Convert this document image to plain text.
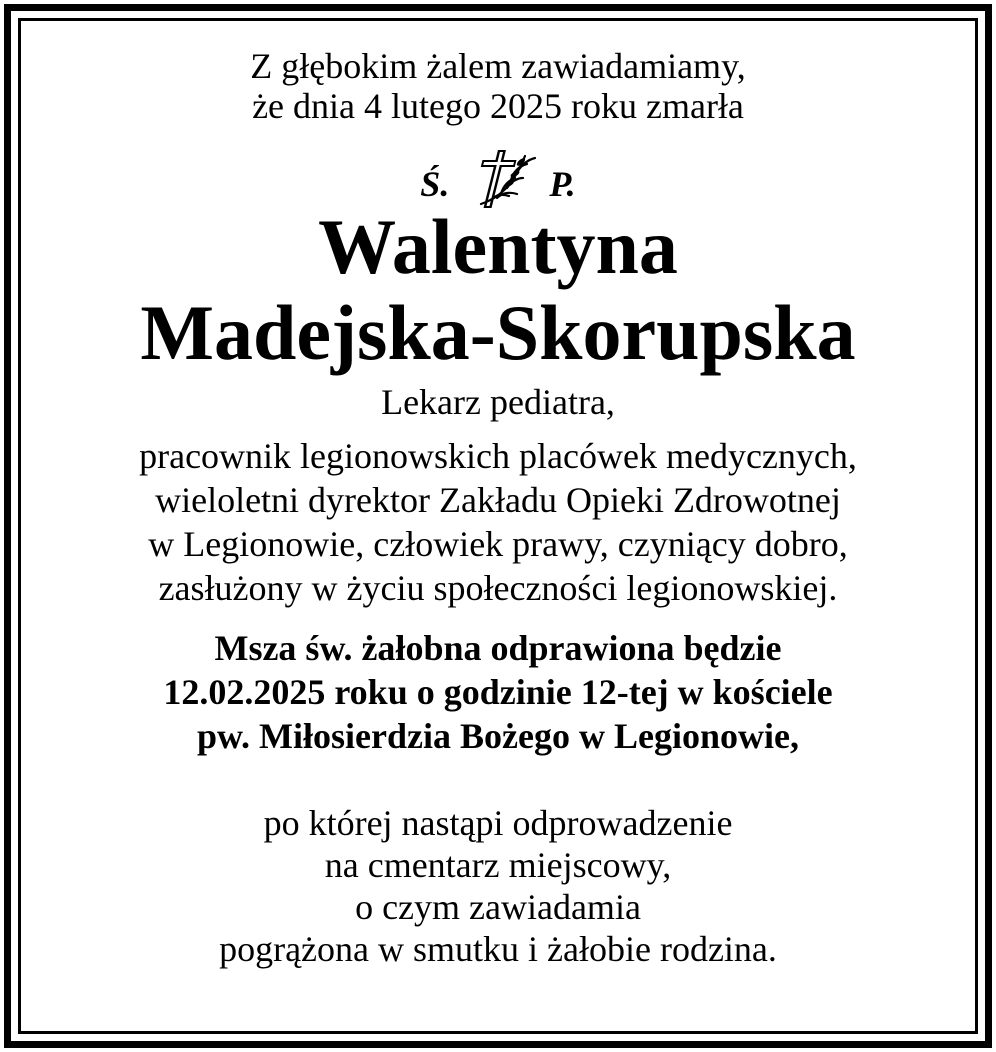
Z głębokim żalem zawiadamiamy,
że dnia 4 lutego 2025 roku zmarła
Ś.	P.
Walentyna
Madejska-Skorupska
Lekarz pediatra,
pracownik legionowskich placówek medycznych,
wieloletni dyrektor Zakładu Opieki Zdrowotnej
w Legionowie, człowiek prawy, czyniący dobro,
zasłużony w życiu społeczności legionowskiej.
Msza św. żałobna odprawiona będzie
12.02.2025 roku o godzinie 12-tej w kościele
pw. Miłosierdzia Bożego w Legionowie,
po której nastąpi odprowadzenie
na cmentarz miejscowy,
o czym zawiadamia
pogrążona w smutku i żałobie rodzina.
